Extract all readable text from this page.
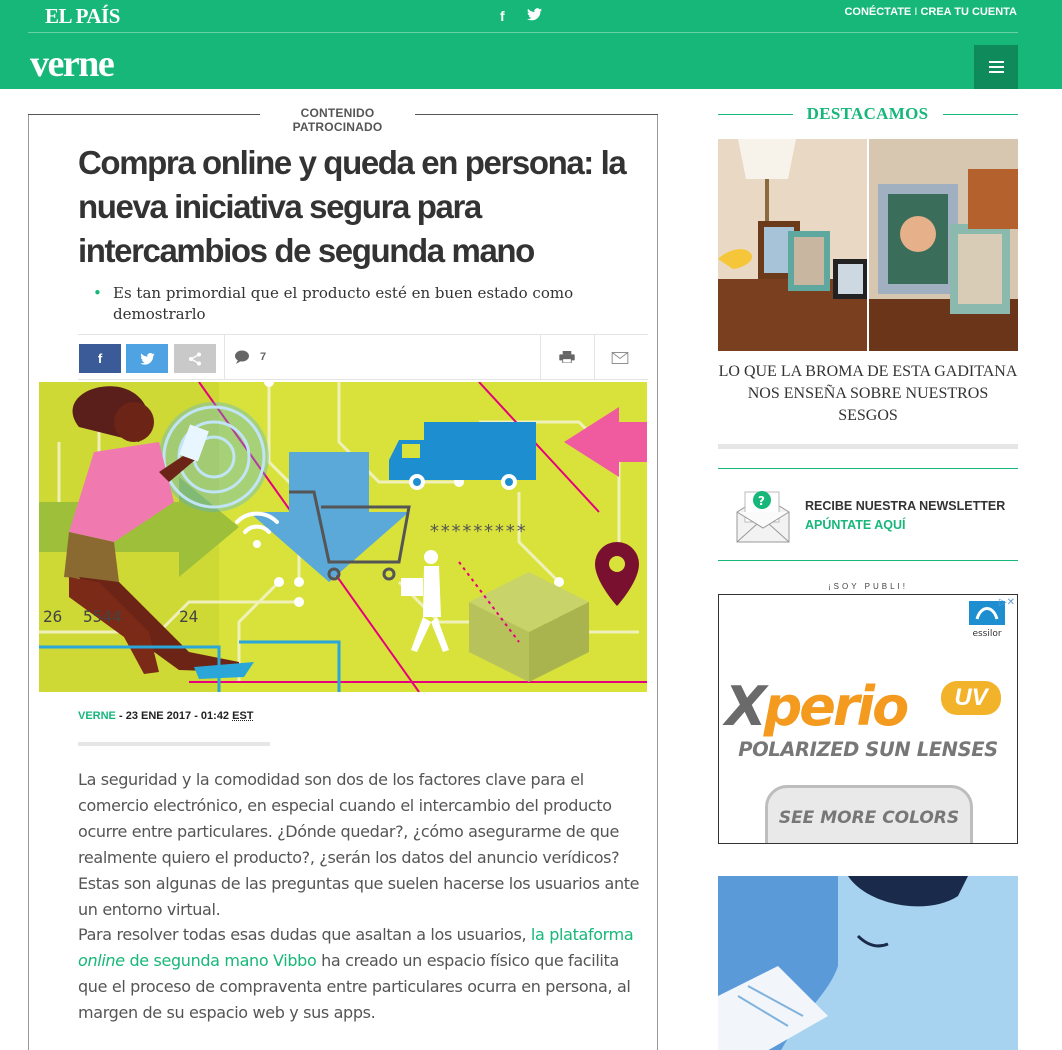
EL PAÍS	f	CONÉCTATE I CREA TU CUENTA
verne
CONTENIDO PATROCINADO
Compra online y queda en persona: la nueva iniciativa segura para intercambios de segunda mano
• Es tan primordial que el producto esté en buen estado como demostrarlo
f	7
*********
26 5544	24
VERNE - 23 ENE 2017 - 01:42 EST

La seguridad y la comodidad son dos de los factores clave para el comercio electrónico, en especial cuando el intercambio del producto ocurre entre particulares. ¿Dónde quedar?, ¿cómo asegurarme de que realmente quiero el producto?, ¿serán los datos del anuncio verídicos? Estas son algunas de las preguntas que suelen hacerse los usuarios ante un entorno virtual.

Para resolver todas esas dudas que asaltan a los usuarios, la plataforma online de segunda mano Vibbo ha creado un espacio físico que facilita que el proceso de compraventa entre particulares ocurra en persona, al margen de su espacio web y sus apps.

DESTACAMOS
LO QUE LA BROMA DE ESTA GADITANA NOS ENSEÑA SOBRE NUESTROS SESGOS
?	RECIBE NUESTRA NEWSLETTER
APÚNTATE AQUÍ
¡SOY PUBLI!
essilor
▷✕
Xperio	UV
POLARIZED SUN LENSES
SEE MORE COLORS
